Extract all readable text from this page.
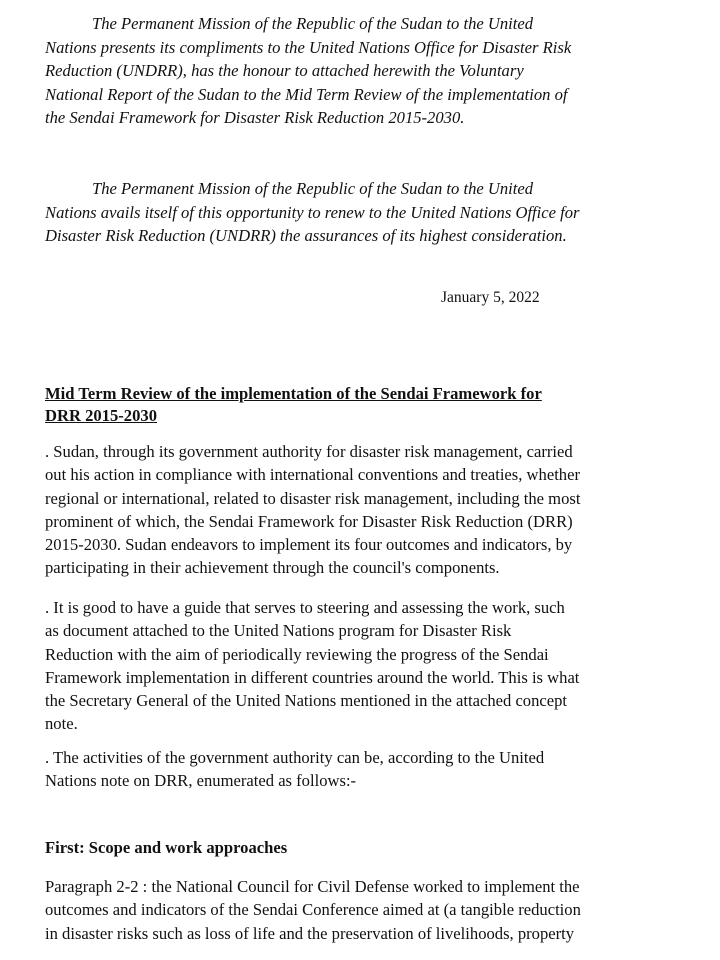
The Permanent Mission of the Republic of the Sudan to the United
Nations presents its compliments to the United Nations Office for Disaster Risk
Reduction (UNDRR), has the honour to attached herewith the Voluntary
National Report of the Sudan to the Mid Term Review of the implementation of
the Sendai Framework for Disaster Risk Reduction 2015-2030.

The Permanent Mission of the Republic of the Sudan to the United
Nations avails itself of this opportunity to renew to the United Nations Office for
Disaster Risk Reduction (UNDRR) the assurances of its highest consideration.

January 5, 2022

Mid Term Review of the implementation of the Sendai Framework for
DRR 2015-2030

. Sudan, through its government authority for disaster risk management, carried
out his action in compliance with international conventions and treaties, whether
regional or international, related to disaster risk management, including the most
prominent of which, the Sendai Framework for Disaster Risk Reduction (DRR)
2015-2030. Sudan endeavors to implement its four outcomes and indicators, by
participating in their achievement through the council's components.

. It is good to have a guide that serves to steering and assessing the work, such
as document attached to the United Nations program for Disaster Risk
Reduction with the aim of periodically reviewing the progress of the Sendai
Framework implementation in different countries around the world. This is what
the Secretary General of the United Nations mentioned in the attached concept
note.

. The activities of the government authority can be, according to the United
Nations note on DRR, enumerated as follows:-

First: Scope and work approaches

Paragraph 2-2 : the National Council for Civil Defense worked to implement the
outcomes and indicators of the Sendai Conference aimed at (a tangible reduction
in disaster risks such as loss of life and the preservation of livelihoods, property
